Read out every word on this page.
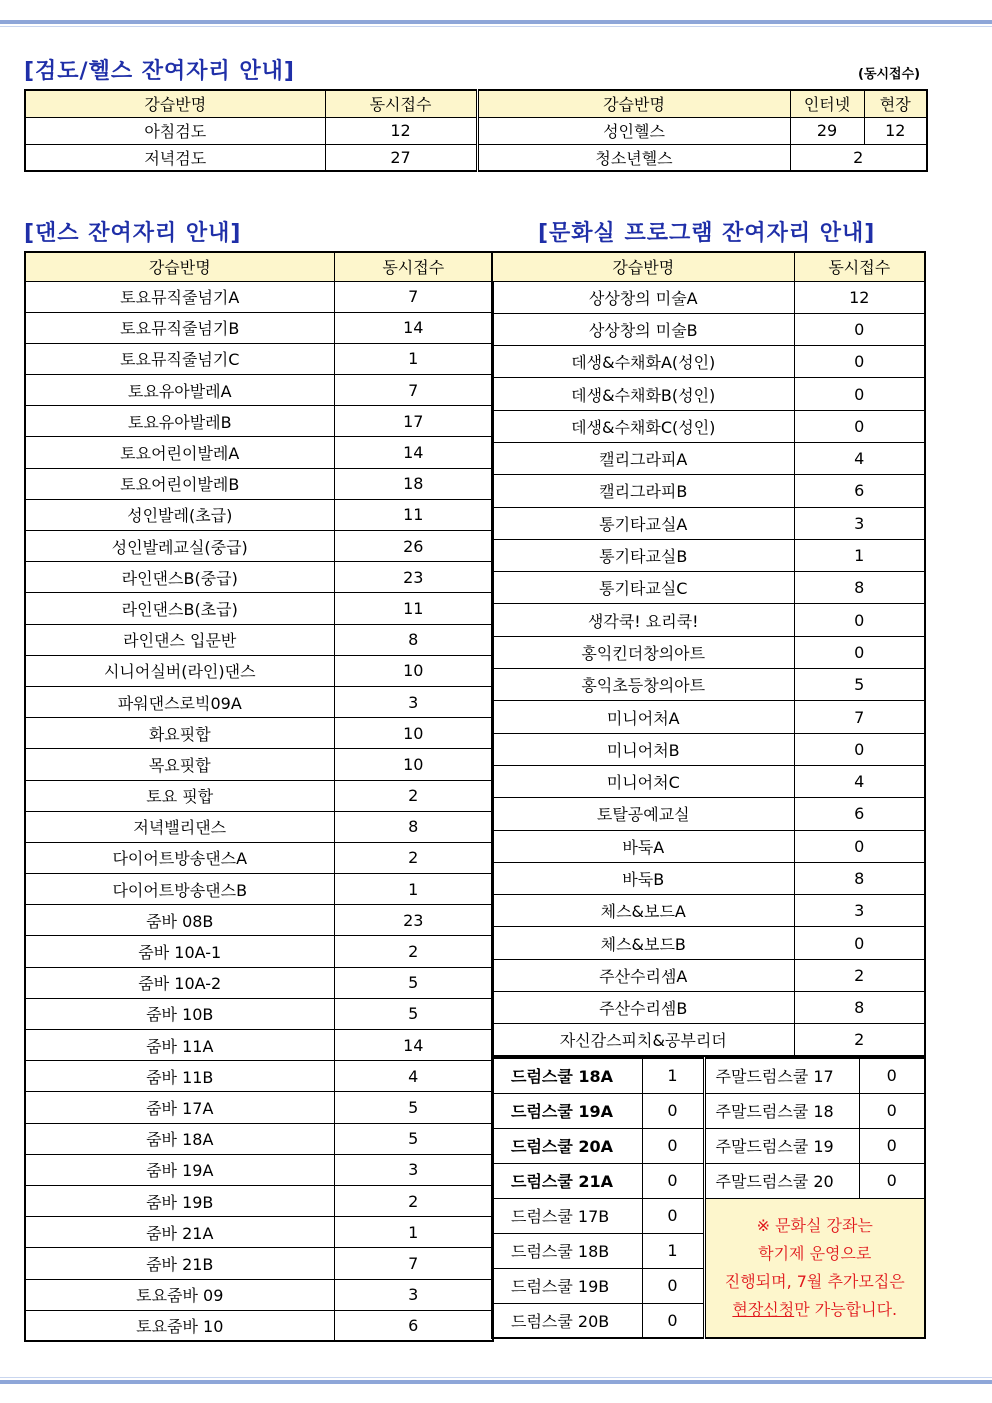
[검도/헬스 잔여자리 안내]	(동시접수)
강습반명	동시접수	강습반명	인터넷	현장
아침검도	12	성인헬스	29	12
저녁검도	27	청소년헬스	2	
[댄스 잔여자리 안내]
강습반명	동시접수
토요뮤직줄넘기A	7
토요뮤직줄넘기B	14
토요뮤직줄넘기C	1
토요유아발레A	7
토요유아발레B	17
토요어린이발레A	14
토요어린이발레B	18
성인발레(초급)	11
성인발레교실(중급)	26
라인댄스B(중급)	23
라인댄스B(초급)	11
라인댄스 입문반	8
시니어실버(라인)댄스	10
파워댄스로빅09A	3
화요핏합	10
목요핏합	10
토요 핏합	2
저녁밸리댄스	8
다이어트방송댄스A	2
다이어트방송댄스B	1
줌바 08B	23
줌바 10A-1	2
줌바 10A-2	5
줌바 10B	5
줌바 11A	14
줌바 11B	4
줌바 17A	5
줌바 18A	5
줌바 19A	3
줌바 19B	2
줌바 21A	1
줌바 21B	7
토요줌바 09	3
토요줌바 10	6
[문화실 프로그램 잔여자리 안내]
강습반명	동시접수
상상창의 미술A	12
상상창의 미술B	0
데생&수채화A(성인)	0
데생&수채화B(성인)	0
데생&수채화C(성인)	0
캘리그라피A	4
캘리그라피B	6
통기타교실A	3
통기타교실B	1
통기타교실C	8
생각쿡! 요리쿡!	0
홍익킨더창의아트	0
홍익초등창의아트	5
미니어처A	7
미니어처B	0
미니어처C	4
토탈공예교실	6
바둑A	0
바둑B	8
체스&보드A	3
체스&보드B	0
주산수리셈A	2
주산수리셈B	8
자신감스피치&공부리더	2
드럼스쿨 18A	1	주말드럼스쿨 17	0
드럼스쿨 19A	0	주말드럼스쿨 18	0
드럼스쿨 20A	0	주말드럼스쿨 19	0
드럼스쿨 21A	0	주말드럼스쿨 20	0
드럼스쿨 17B	0	※ 문화실 강좌는
학기제 운영으로
진행되며, 7월 추가모집은
현장신청만 가능합니다.	

드럼스쿨 18B	1		
드럼스쿨 19B	0		
드럼스쿨 20B	0		
